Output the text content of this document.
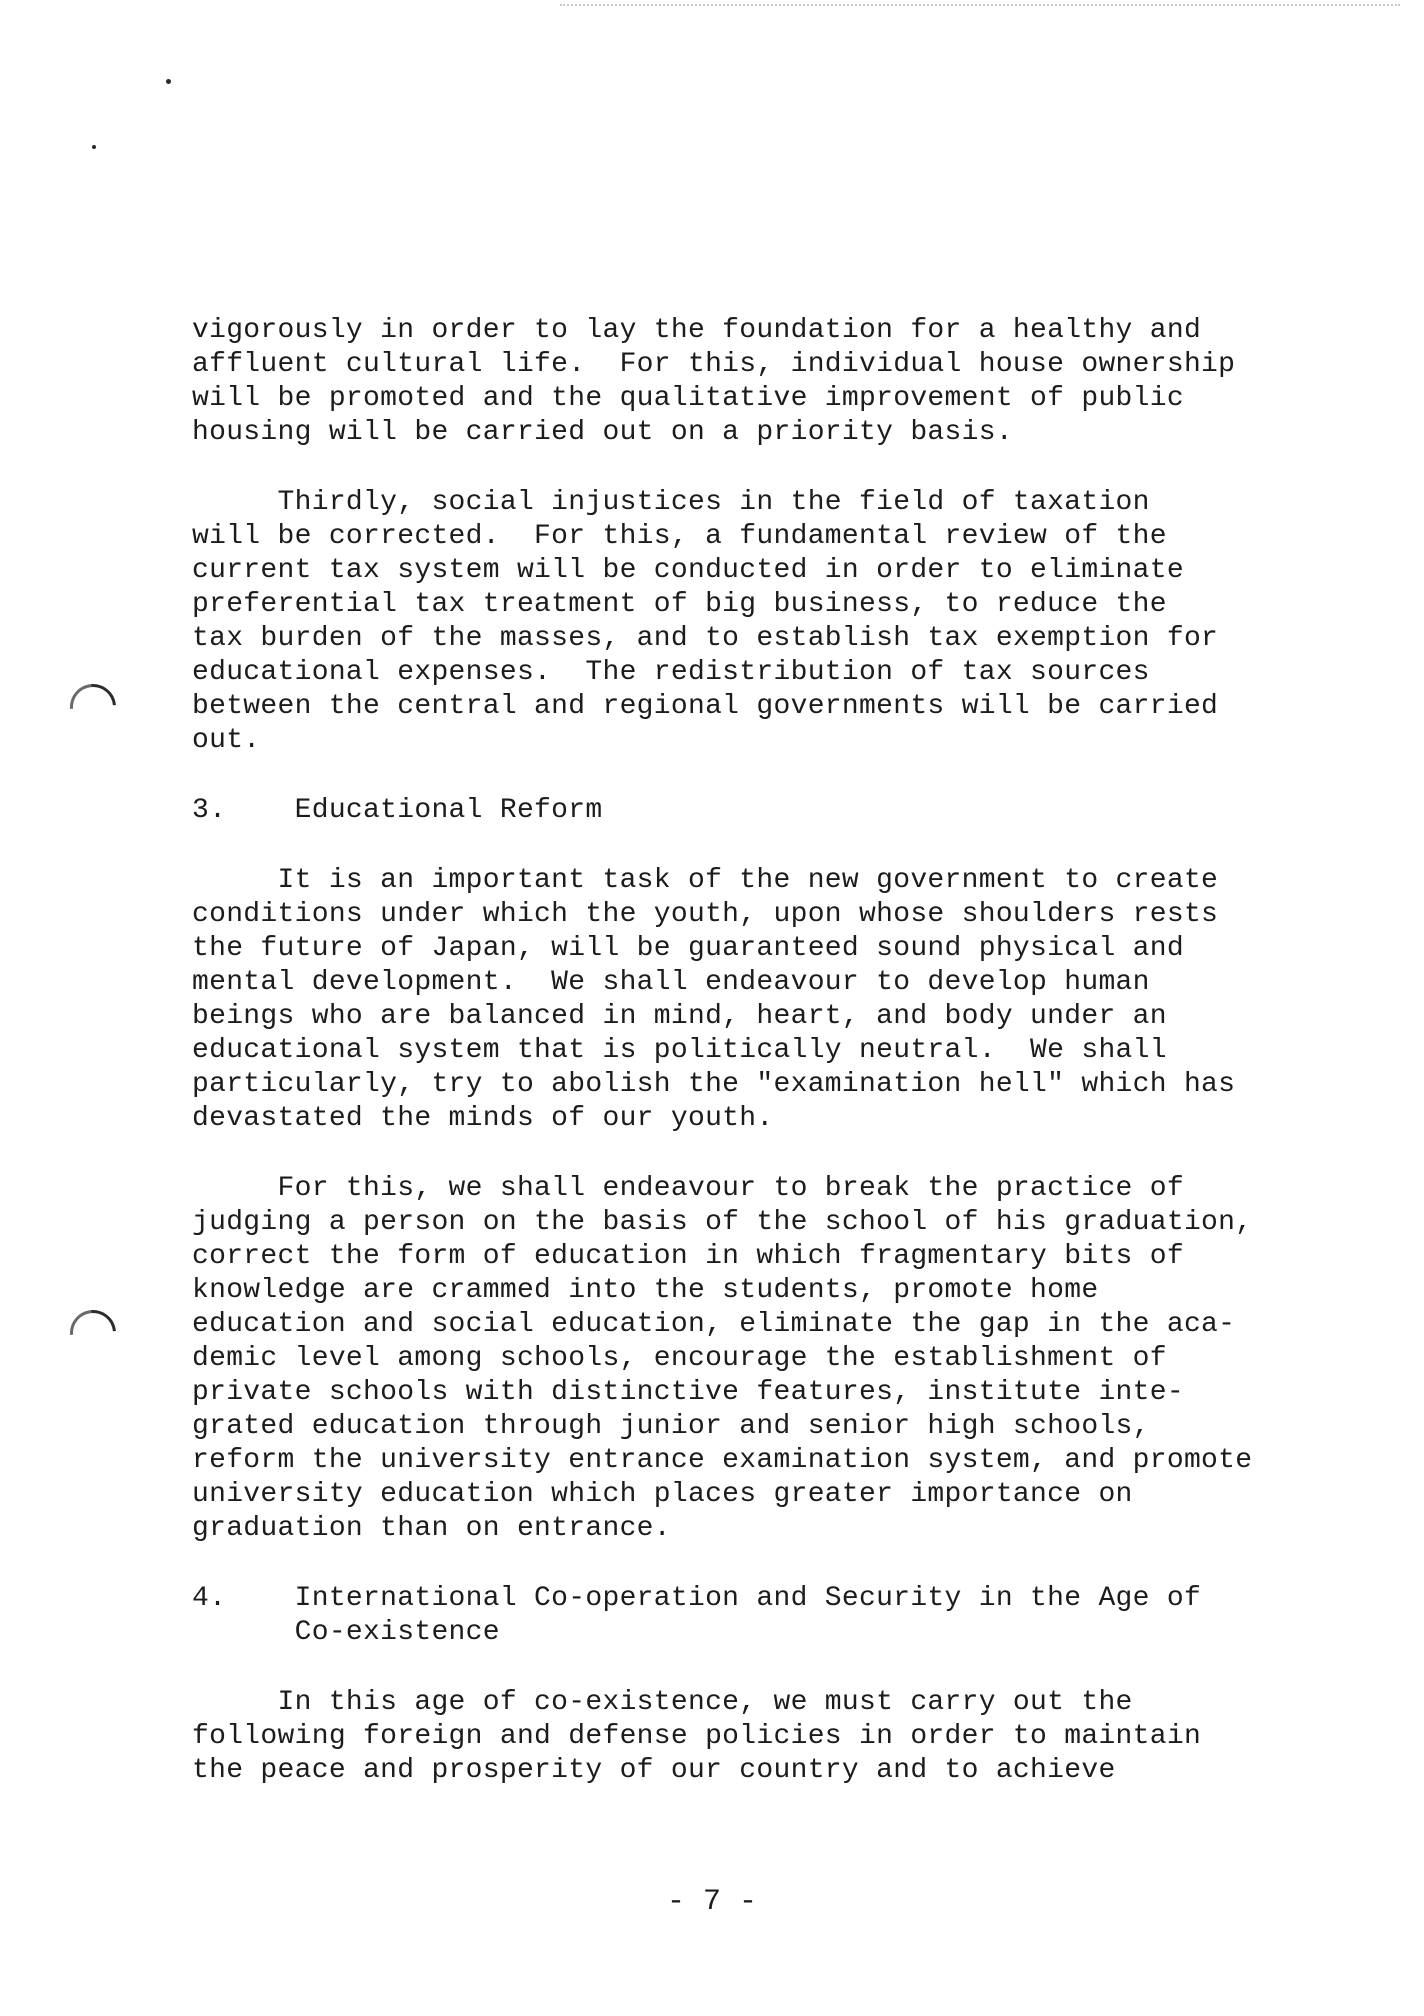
vigorously in order to lay the foundation for a healthy and

affluent cultural life.  For this, individual house ownership

will be promoted and the qualitative improvement of public

housing will be carried out on a priority basis.

Thirdly, social injustices in the field of taxation

will be corrected.  For this, a fundamental review of the

current tax system will be conducted in order to eliminate

preferential tax treatment of big business, to reduce the

tax burden of the masses, and to establish tax exemption for

educational expenses.  The redistribution of tax sources

between the central and regional governments will be carried

out.

3.    Educational Reform

It is an important task of the new government to create

conditions under which the youth, upon whose shoulders rests

the future of Japan, will be guaranteed sound physical and

mental development.  We shall endeavour to develop human

beings who are balanced in mind, heart, and body under an

educational system that is politically neutral.  We shall

particularly, try to abolish the "examination hell" which has

devastated the minds of our youth.

For this, we shall endeavour to break the practice of

judging a person on the basis of the school of his graduation,

correct the form of education in which fragmentary bits of

knowledge are crammed into the students, promote home

education and social education, eliminate the gap in the aca-

demic level among schools, encourage the establishment of

private schools with distinctive features, institute inte-

grated education through junior and senior high schools,

reform the university entrance examination system, and promote

university education which places greater importance on

graduation than on entrance.

4.    International Co-operation and Security in the Age of

Co-existence

In this age of co-existence, we must carry out the

following foreign and defense policies in order to maintain

the peace and prosperity of our country and to achieve

- 7 -
